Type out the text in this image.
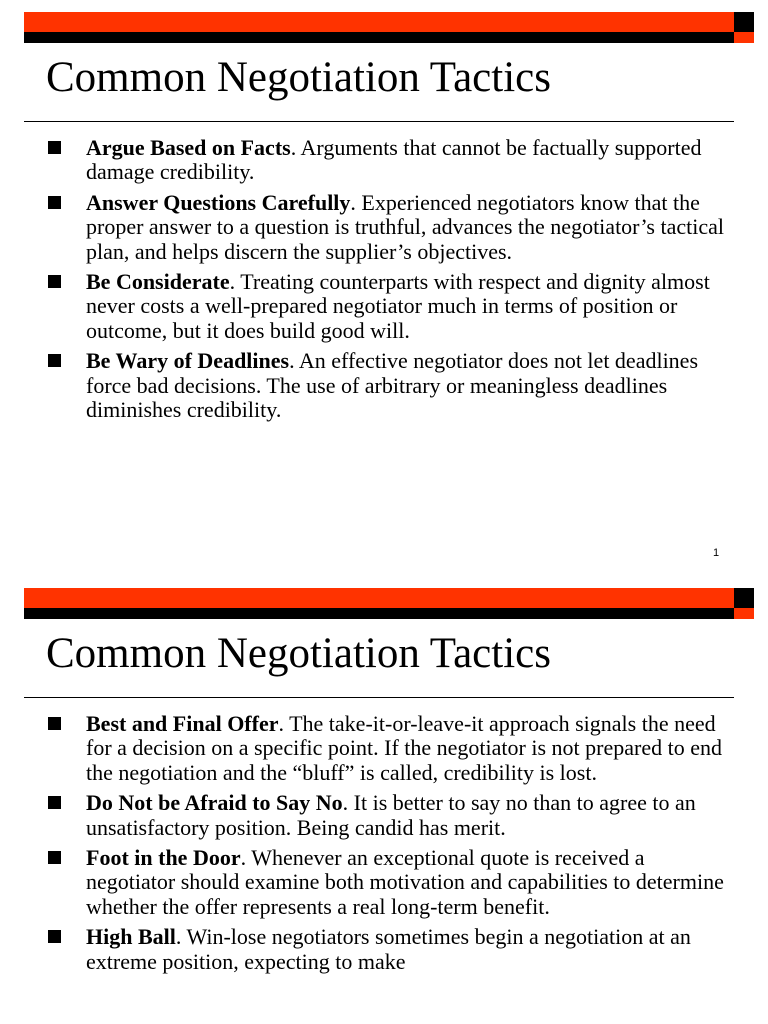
Common Negotiation Tactics
Argue Based on Facts. Arguments that cannot be factually supported damage credibility.
Answer Questions Carefully. Experienced negotiators know that the proper answer to a question is truthful, advances the negotiator’s tactical plan, and helps discern the supplier’s objectives.
Be Considerate. Treating counterparts with respect and dignity almost never costs a well-prepared negotiator much in terms of position or outcome, but it does build good will.
Be Wary of Deadlines. An effective negotiator does not let deadlines force bad decisions. The use of arbitrary or meaningless deadlines diminishes credibility.
1
Common Negotiation Tactics
Best and Final Offer. The take-it-or-leave-it approach signals the need for a decision on a specific point. If the negotiator is not prepared to end the negotiation and the “bluff” is called, credibility is lost.
Do Not be Afraid to Say No. It is better to say no than to agree to an unsatisfactory position. Being candid has merit.
Foot in the Door. Whenever an exceptional quote is received a negotiator should examine both motivation and capabilities to determine whether the offer represents a real long-term benefit.
High Ball. Win-lose negotiators sometimes begin a negotiation at an extreme position, expecting to make
